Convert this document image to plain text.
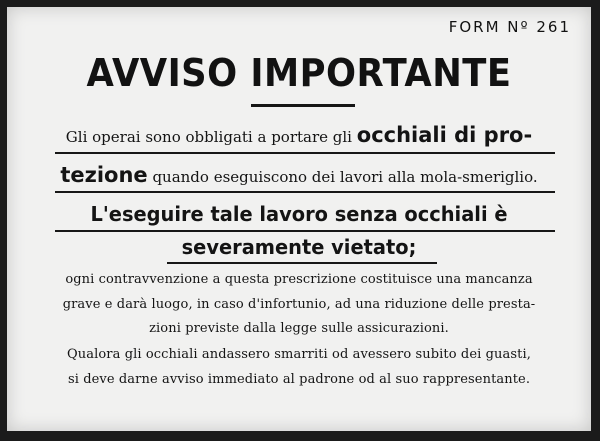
FORM Nº 261
AVVISO IMPORTANTE
Gli operai sono obbligati a portare gli occhiali di pro-
tezione quando eseguiscono dei lavori alla mola-smeriglio.
L'eseguire tale lavoro senza occhiali è
severamente vietato;
ogni contravvenzione a questa prescrizione costituisce una mancanza
grave e darà luogo, in caso d'infortunio, ad una riduzione delle presta-
zioni previste dalla legge sulle assicurazioni.
Qualora gli occhiali andassero smarriti od avessero subito dei guasti,
si deve darne avviso immediato al padrone od al suo rappresentante.
